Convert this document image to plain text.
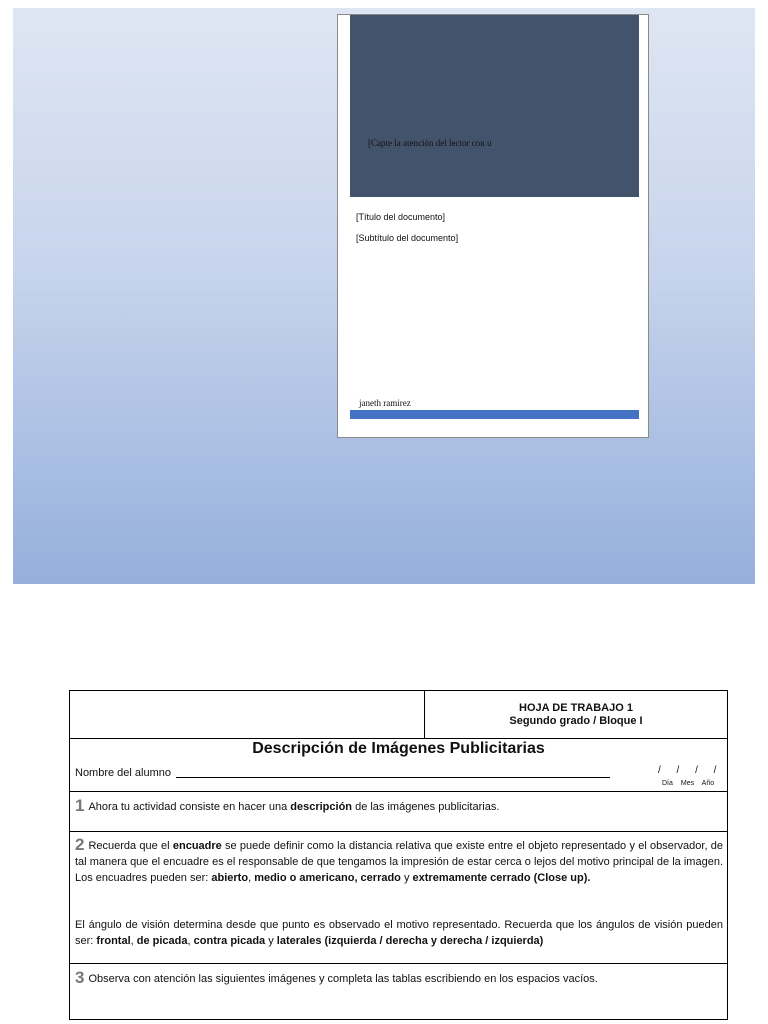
[Capte la atención del lector con u
[Título del documento]
[Subtítulo del documento]
janeth ramirez
HOJA DE TRABAJO 1
Segundo grado / Bloque I
Descripción de Imágenes Publicitarias
Nombre del alumno	/ / / /
Día Mes Año
1 Ahora tu actividad consiste en hacer una descripción de las imágenes publicitarias.
2 Recuerda que el encuadre se puede definir como la distancia relativa que existe entre el objeto representado y el observador, de tal manera que el encuadre es el responsable de que tengamos la impresión de estar cerca o lejos del motivo principal de la imagen. Los encuadres pueden ser: abierto, medio o americano, cerrado y extremamente cerrado (Close up).
El ángulo de visión determina desde que punto es observado el motivo representado. Recuerda que los ángulos de visión pueden ser: frontal, de picada, contra picada y laterales (izquierda / derecha y derecha / izquierda)
3 Observa con atención las siguientes imágenes y completa las tablas escribiendo en los espacios vacíos.
